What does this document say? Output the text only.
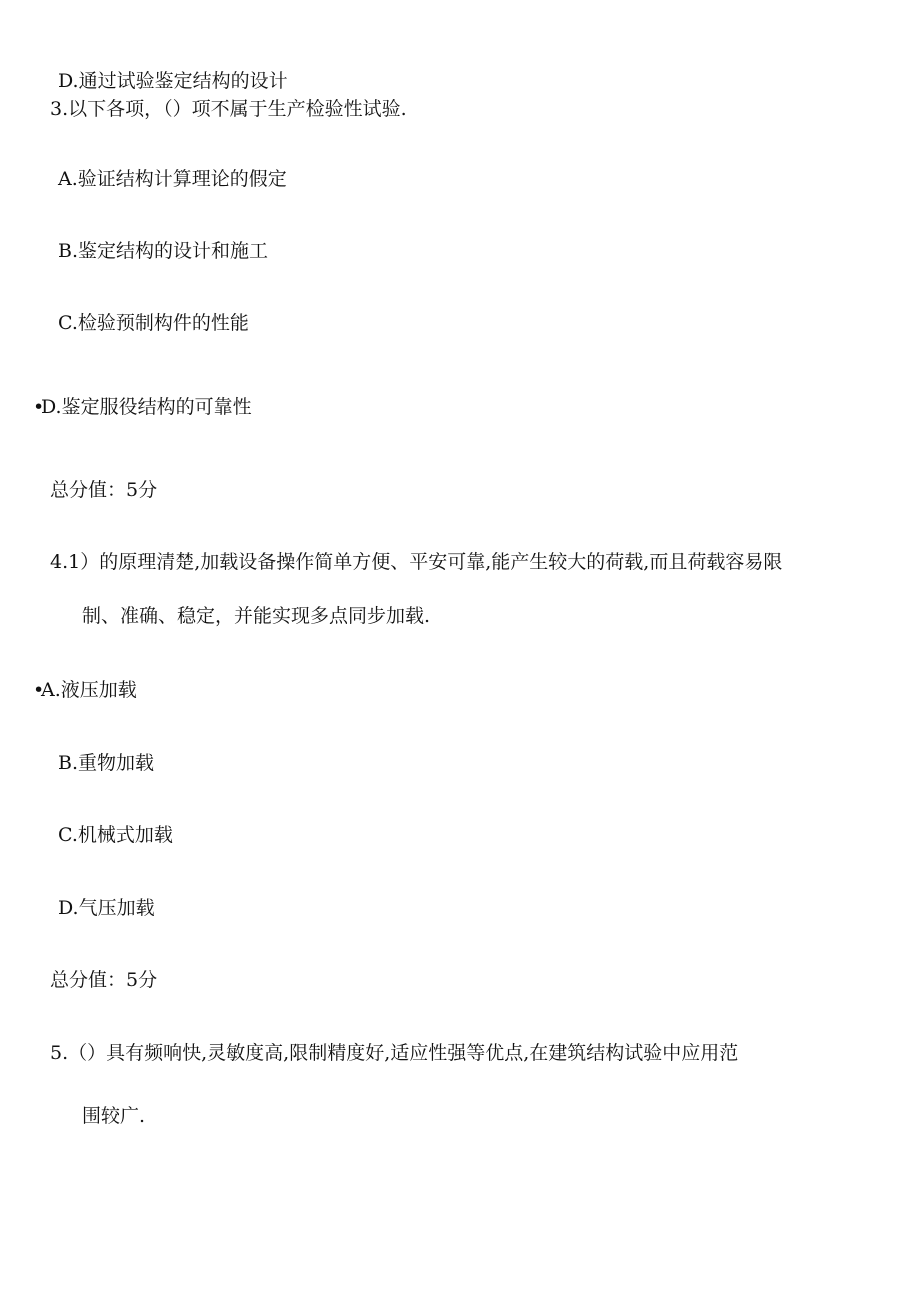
D.通过试验鉴定结构的设计

3.以下各项，（）项不属于生产检验性试验.

A.验证结构计算理论的假定

B.鉴定结构的设计和施工

C.检验预制构件的性能

•D.鉴定服役结构的可靠性

总分值：5分

4.1）的原理清楚,加载设备操作简单方便、平安可靠,能产生较大的荷载,而且荷载容易限

制、准确、稳定，并能实现多点同步加载.

•A.液压加载

B.重物加载

C.机械式加载

D.气压加载

总分值：5分

5.（）具有频响快,灵敏度高,限制精度好,适应性强等优点,在建筑结构试验中应用范

围较广.
